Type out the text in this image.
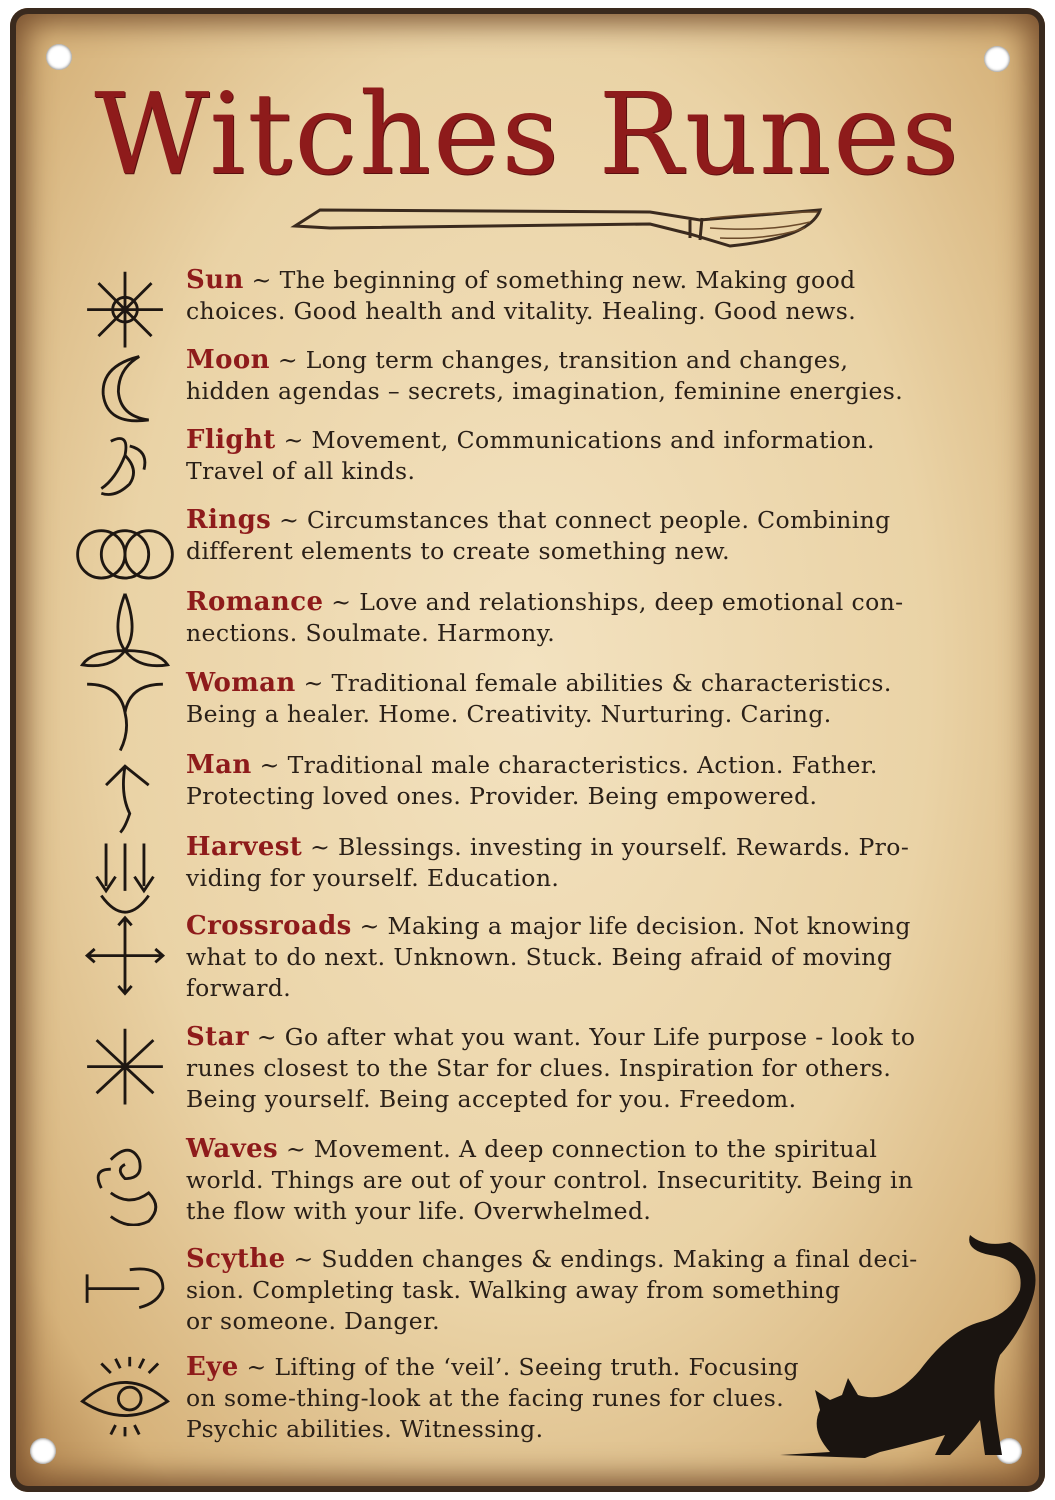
Witches Runes
Sun ~ The beginning of something new. Making good
choices. Good health and vitality. Healing. Good news.
Moon ~ Long term changes, transition and changes,
hidden agendas – secrets, imagination, feminine energies.
Flight ~ Movement, Communications and information.
Travel of all kinds.
Rings ~ Circumstances that connect people. Combining
different elements to create something new.
Romance ~ Love and relationships, deep emotional con-
nections. Soulmate. Harmony.
Woman ~ Traditional female abilities & characteristics.
Being a healer. Home. Creativity. Nurturing. Caring.
Man ~ Traditional male characteristics. Action. Father.
Protecting loved ones. Provider. Being empowered.
Harvest ~ Blessings. investing in yourself. Rewards. Pro-
viding for yourself. Education.
Crossroads ~ Making a major life decision. Not knowing
what to do next. Unknown. Stuck. Being afraid of moving
forward.
Star ~ Go after what you want. Your Life purpose - look to
runes closest to the Star for clues. Inspiration for others.
Being yourself. Being accepted for you. Freedom.
Waves ~ Movement. A deep connection to the spiritual
world. Things are out of your control. Insecuritity. Being in
the flow with your life. Overwhelmed.
Scythe ~ Sudden changes & endings. Making a final deci-
sion. Completing task. Walking away from something
or someone. Danger.
Eye ~ Lifting of the ‘veil’. Seeing truth. Focusing
on some-thing-look at the facing runes for clues.
Psychic abilities. Witnessing.
